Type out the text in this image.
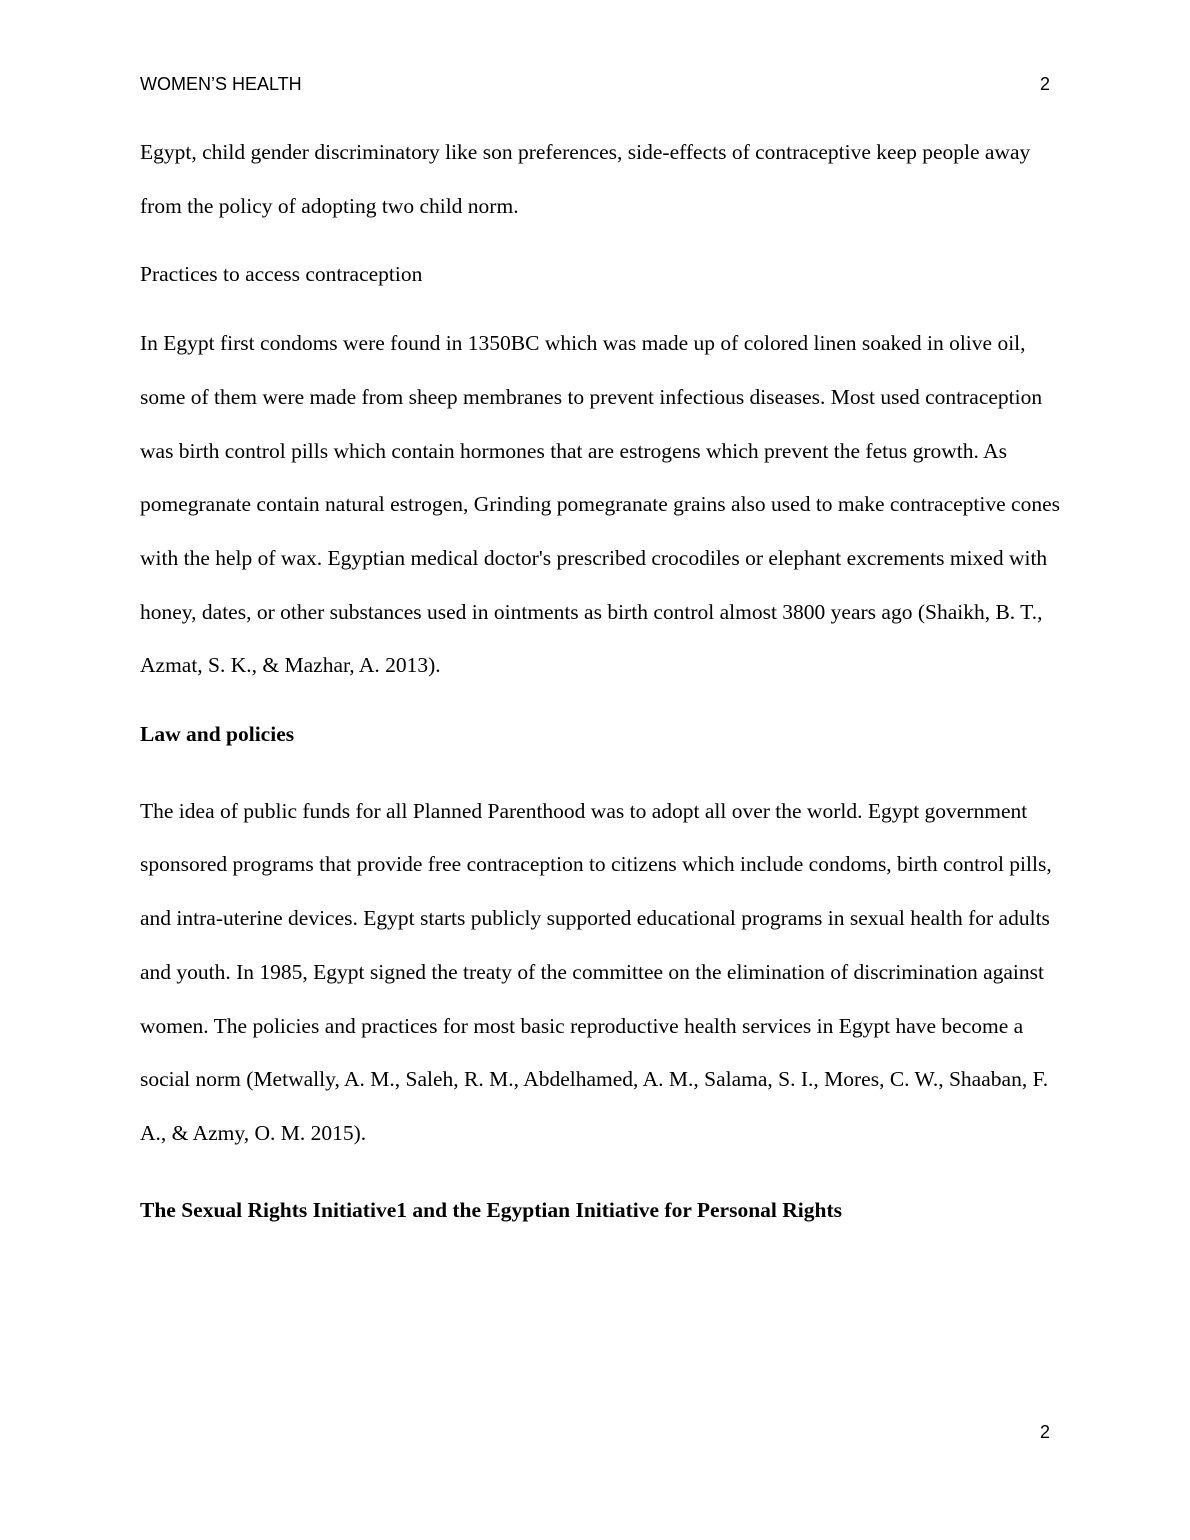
WOMEN’S HEALTH	2

Egypt, child gender discriminatory like son preferences, side-effects of contraceptive keep people away from the policy of adopting two child norm.

Practices to access contraception

In Egypt first condoms were found in 1350BC which was made up of colored linen soaked in olive oil, some of them were made from sheep membranes to prevent infectious diseases. Most used contraception was birth control pills which contain hormones that are estrogens which prevent the fetus growth. As pomegranate contain natural estrogen, Grinding pomegranate grains also used to make contraceptive cones with the help of wax. Egyptian medical doctor's prescribed crocodiles or elephant excrements mixed with honey, dates, or other substances used in ointments as birth control almost 3800 years ago (Shaikh, B. T., Azmat, S. K., & Mazhar, A. 2013).

Law and policies

The idea of public funds for all Planned Parenthood was to adopt all over the world. Egypt government sponsored programs that provide free contraception to citizens which include condoms, birth control pills, and intra-uterine devices. Egypt starts publicly supported educational programs in sexual health for adults and youth. In 1985, Egypt signed the treaty of the committee on the elimination of discrimination against women. The policies and practices for most basic reproductive health services in Egypt have become a social norm (Metwally, A. M., Saleh, R. M., Abdelhamed, A. M., Salama, S. I., Mores, C. W., Shaaban, F. A., & Azmy, O. M. 2015).

The Sexual Rights Initiative1 and the Egyptian Initiative for Personal Rights

2
